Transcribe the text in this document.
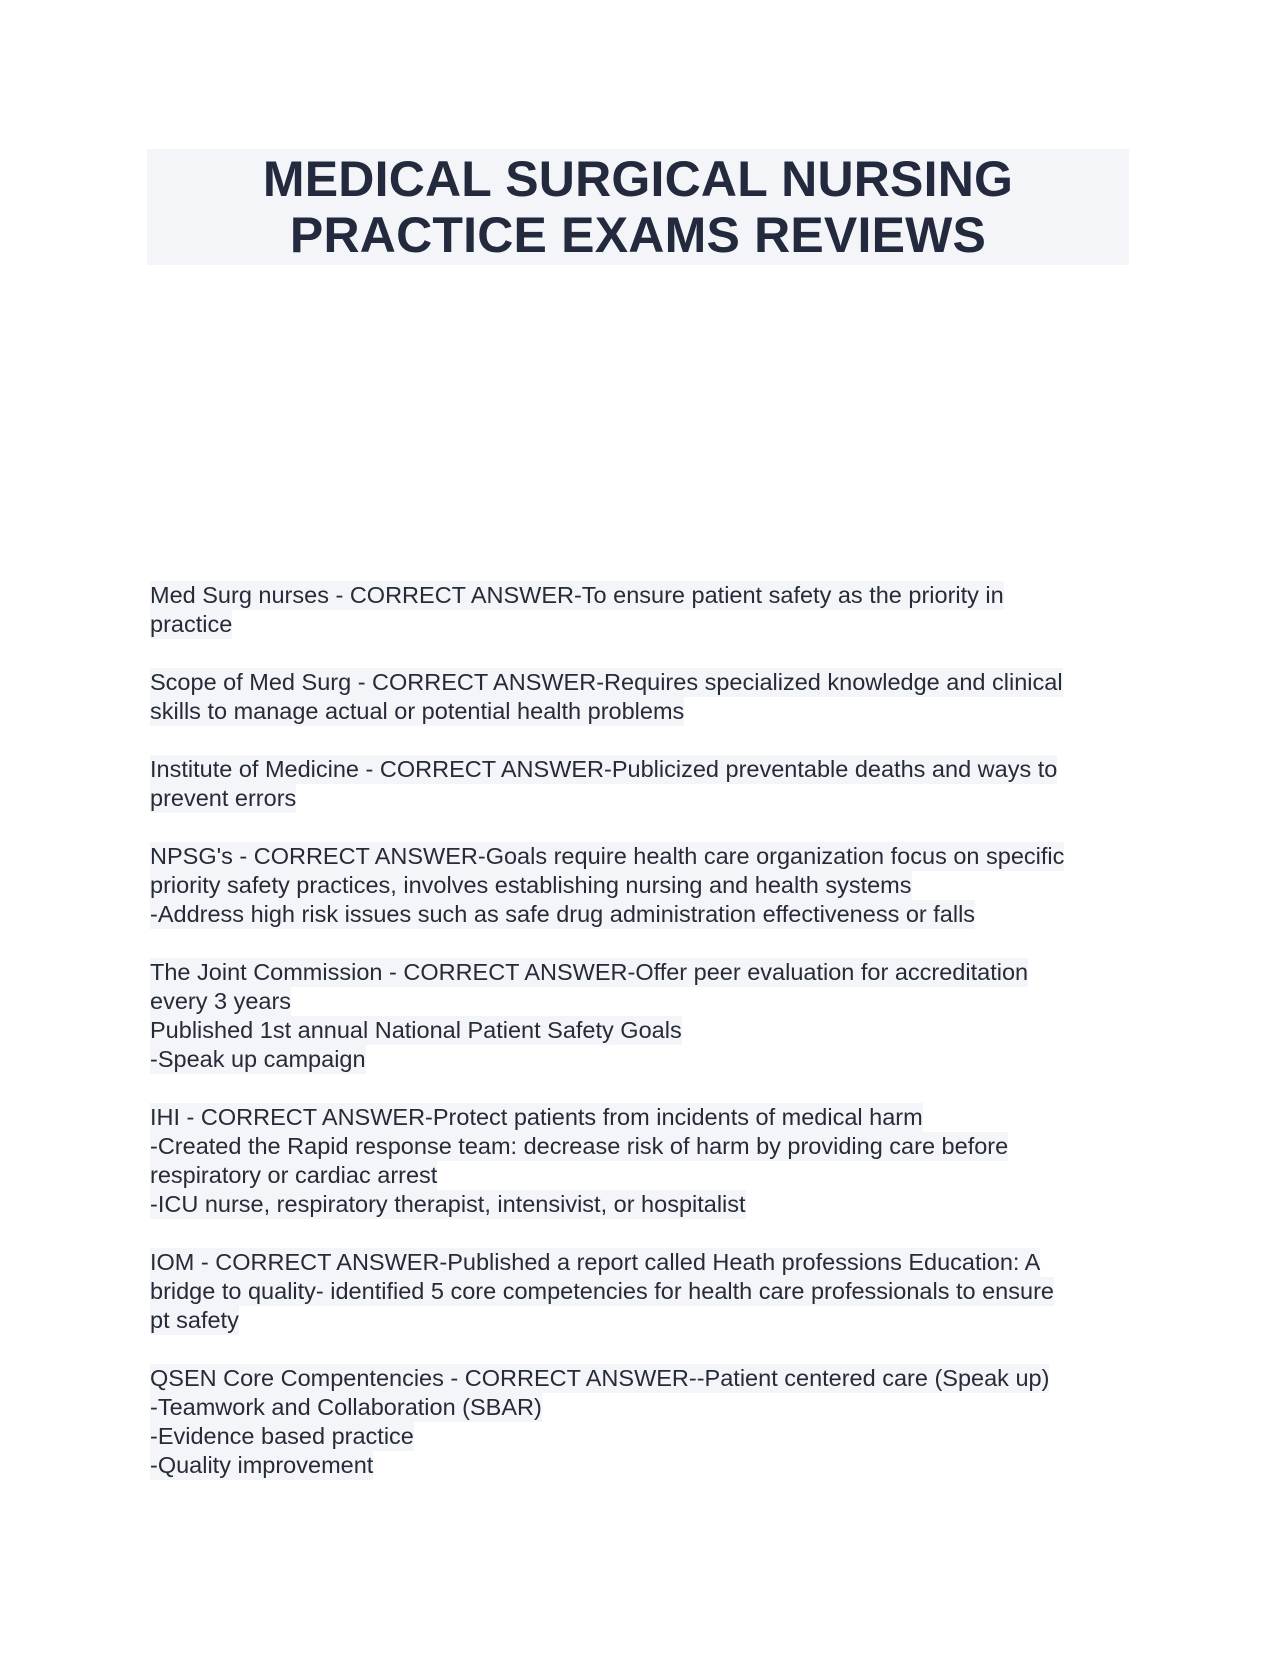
MEDICAL SURGICAL NURSING
PRACTICE EXAMS REVIEWS
Med Surg nurses - CORRECT ANSWER-To ensure patient safety as the priority in
practice
Scope of Med Surg - CORRECT ANSWER-Requires specialized knowledge and clinical
skills to manage actual or potential health problems
Institute of Medicine - CORRECT ANSWER-Publicized preventable deaths and ways to
prevent errors
NPSG's - CORRECT ANSWER-Goals require health care organization focus on specific
priority safety practices, involves establishing nursing and health systems
-Address high risk issues such as safe drug administration effectiveness or falls
The Joint Commission - CORRECT ANSWER-Offer peer evaluation for accreditation
every 3 years
Published 1st annual National Patient Safety Goals
-Speak up campaign
IHI - CORRECT ANSWER-Protect patients from incidents of medical harm
-Created the Rapid response team: decrease risk of harm by providing care before
respiratory or cardiac arrest
-ICU nurse, respiratory therapist, intensivist, or hospitalist
IOM - CORRECT ANSWER-Published a report called Heath professions Education: A
bridge to quality- identified 5 core competencies for health care professionals to ensure
pt safety
QSEN Core Compentencies - CORRECT ANSWER--Patient centered care (Speak up)
-Teamwork and Collaboration (SBAR)
-Evidence based practice
-Quality improvement
